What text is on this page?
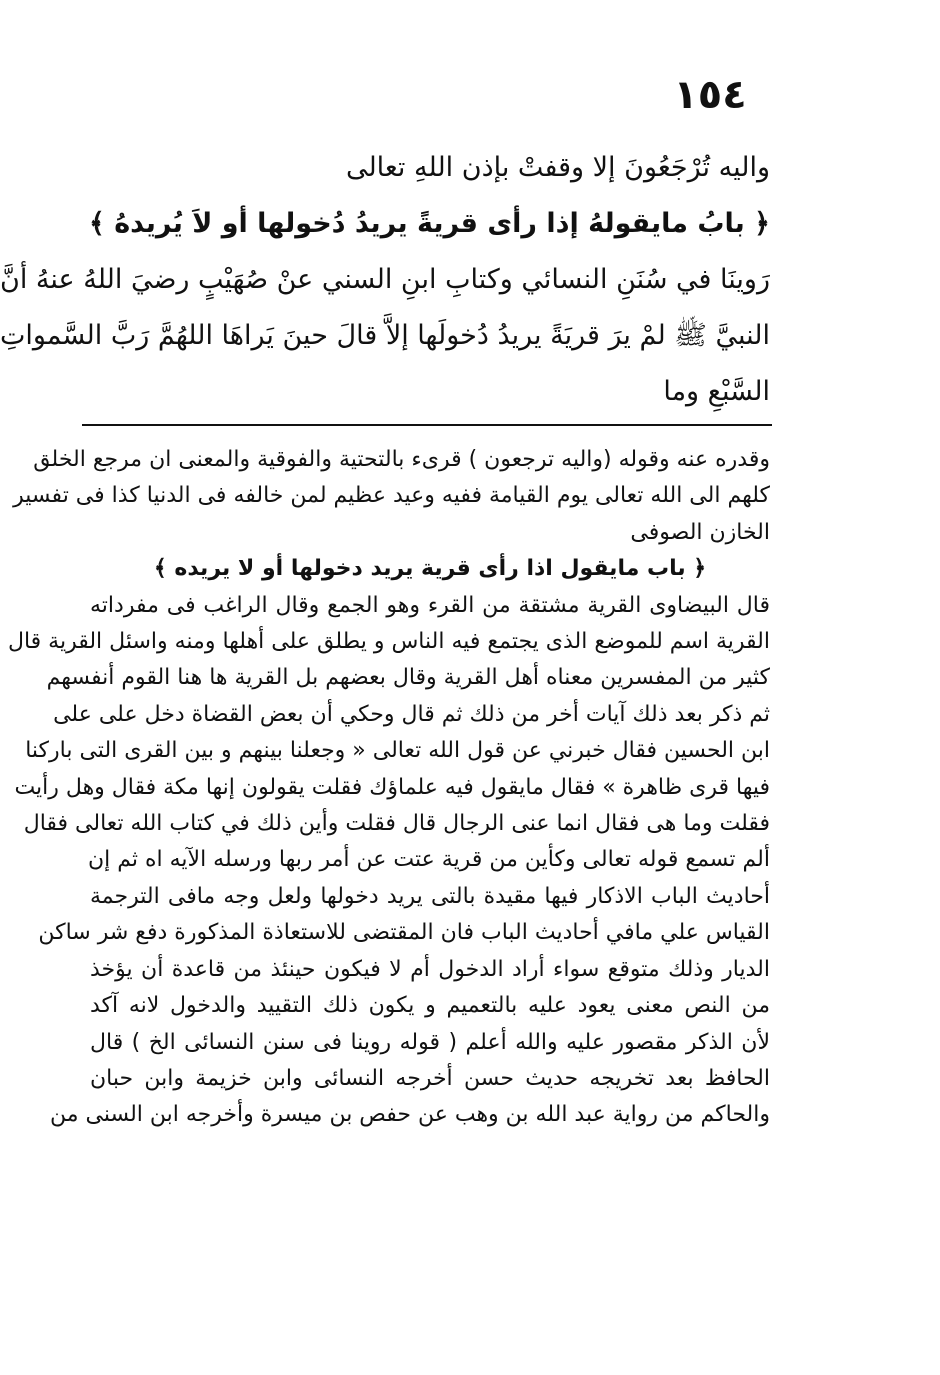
١٥٤
واليه تُرْجَعُونَ إلا وقفتْ بإذن اللهِ تعالى
﴿ بابُ مايقولهُ إذا رأى قريةً يريدُ دُخولها أو لاَ يُريدهُ ﴾
رَوينَا في سُنَنِ النسائي وكتابِ ابنِ السني عنْ صُهَيْبٍ رضيَ اللهُ عنهُ أنَّ
النبيَّ ﷺ لمْ يرَ قريَةً يريدُ دُخولَها إلاَّ قالَ حينَ يَراهَا اللهُمَّ رَبَّ السَّمواتِ
السَّبْعِ وما
وقدره عنه وقوله (واليه ترجعون ) قرىء بالتحتية والفوقية والمعنى ان مرجع الخلق
كلهم الى الله تعالى يوم القيامة ففيه وعيد عظيم لمن خالفه فى الدنيا كذا فى تفسير
الخازن الصوفى
﴿ باب مايقول اذا رأى قرية يريد دخولها أو لا يريده ﴾
قال البيضاوى القرية مشتقة من القرء وهو الجمع وقال الراغب فى مفرداته
القرية اسم للموضع الذى يجتمع فيه الناس و يطلق على أهلها ومنه واسئل القرية قال
كثير من المفسرين معناه أهل القرية وقال بعضهم بل القرية ها هنا القوم أنفسهم
ثم ذكر بعد ذلك آيات أخر من ذلك ثم قال وحكي أن بعض القضاة دخل على على
ابن الحسين فقال خبرني عن قول الله تعالى « وجعلنا بينهم و بين القرى التى باركنا
فيها قرى ظاهرة » فقال مايقول فيه علماؤك فقلت يقولون إنها مكة فقال وهل رأيت
فقلت وما هى فقال انما عنى الرجال قال فقلت وأين ذلك في كتاب الله تعالى فقال
ألم تسمع قوله تعالى وكأين من قرية عتت عن أمر ربها ورسله الآيه اه ثم إن
أحاديث الباب الاذكار فيها مقيدة بالتى يريد دخولها ولعل وجه مافى الترجمة
القياس علي مافي أحاديث الباب فان المقتضى للاستعاذة المذكورة دفع شر ساكن
الديار وذلك متوقع سواء أراد الدخول أم لا فيكون حينئذ من قاعدة أن يؤخذ
من النص معنى يعود عليه بالتعميم و يكون ذلك التقييد والدخول لانه آكد
لأن الذكر مقصور عليه والله أعلم ( قوله روينا فى سنن النسائى الخ ) قال
الحافظ بعد تخريجه حديث حسن أخرجه النسائى وابن خزيمة وابن حبان
والحاكم من رواية عبد الله بن وهب عن حفص بن ميسرة وأخرجه ابن السنى من
